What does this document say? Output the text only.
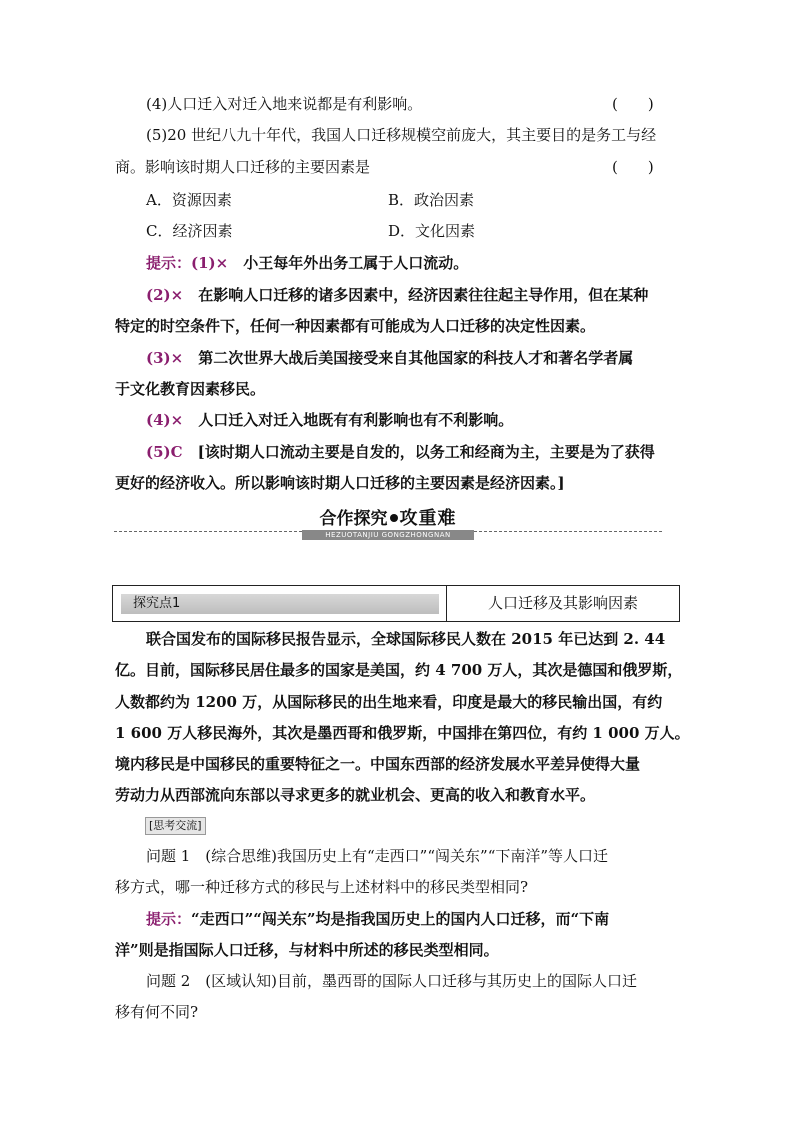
(4)人口迁入对迁入地来说都是有利影响。	(　　)
(5)20 世纪八九十年代，我国人口迁移规模空前庞大，其主要目的是务工与经
商。影响该时期人口迁移的主要因素是	(　　)
A．资源因素	B．政治因素
C．经济因素	D．文化因素
提示：(1)×　 小王每年外出务工属于人口流动。
(2)×　 在影响人口迁移的诸多因素中，经济因素往往起主导作用，但在某种
特定的时空条件下，任何一种因素都有可能成为人口迁移的决定性因素。
(3)×　 第二次世界大战后美国接受来自其他国家的科技人才和著名学者属
于文化教育因素移民。
(4)×　 人口迁入对迁入地既有有利影响也有不利影响。
(5)C　 [该时期人口流动主要是自发的，以务工和经商为主，主要是为了获得
更好的经济收入。所以影响该时期人口迁移的主要因素是经济因素。]
合作探究 攻重难
HEZUOTANJIU GONGZHONGNAN
探究点1	人口迁移及其影响因素
联合国发布的国际移民报告显示，全球国际移民人数在 2015 年已达到 2. 44
亿。目前，国际移民居住最多的国家是美国，约 4 700 万人，其次是德国和俄罗斯，
人数都约为 1200 万，从国际移民的出生地来看，印度是最大的移民输出国，有约
1 600 万人移民海外，其次是墨西哥和俄罗斯，中国排在第四位，有约 1 000 万人。
境内移民是中国移民的重要特征之一。中国东西部的经济发展水平差异使得大量
劳动力从西部流向东部以寻求更多的就业机会、更高的收入和教育水平。
[思考交流]
问题 1　(综合思维)我国历史上有“走西口”“闯关东”“下南洋”等人口迁
移方式，哪一种迁移方式的移民与上述材料中的移民类型相同?
提示：“走西口”“闯关东”均是指我国历史上的国内人口迁移，而“下南
洋”则是指国际人口迁移，与材料中所述的移民类型相同。
问题 2　(区域认知)目前，墨西哥的国际人口迁移与其历史上的国际人口迁
移有何不同?
